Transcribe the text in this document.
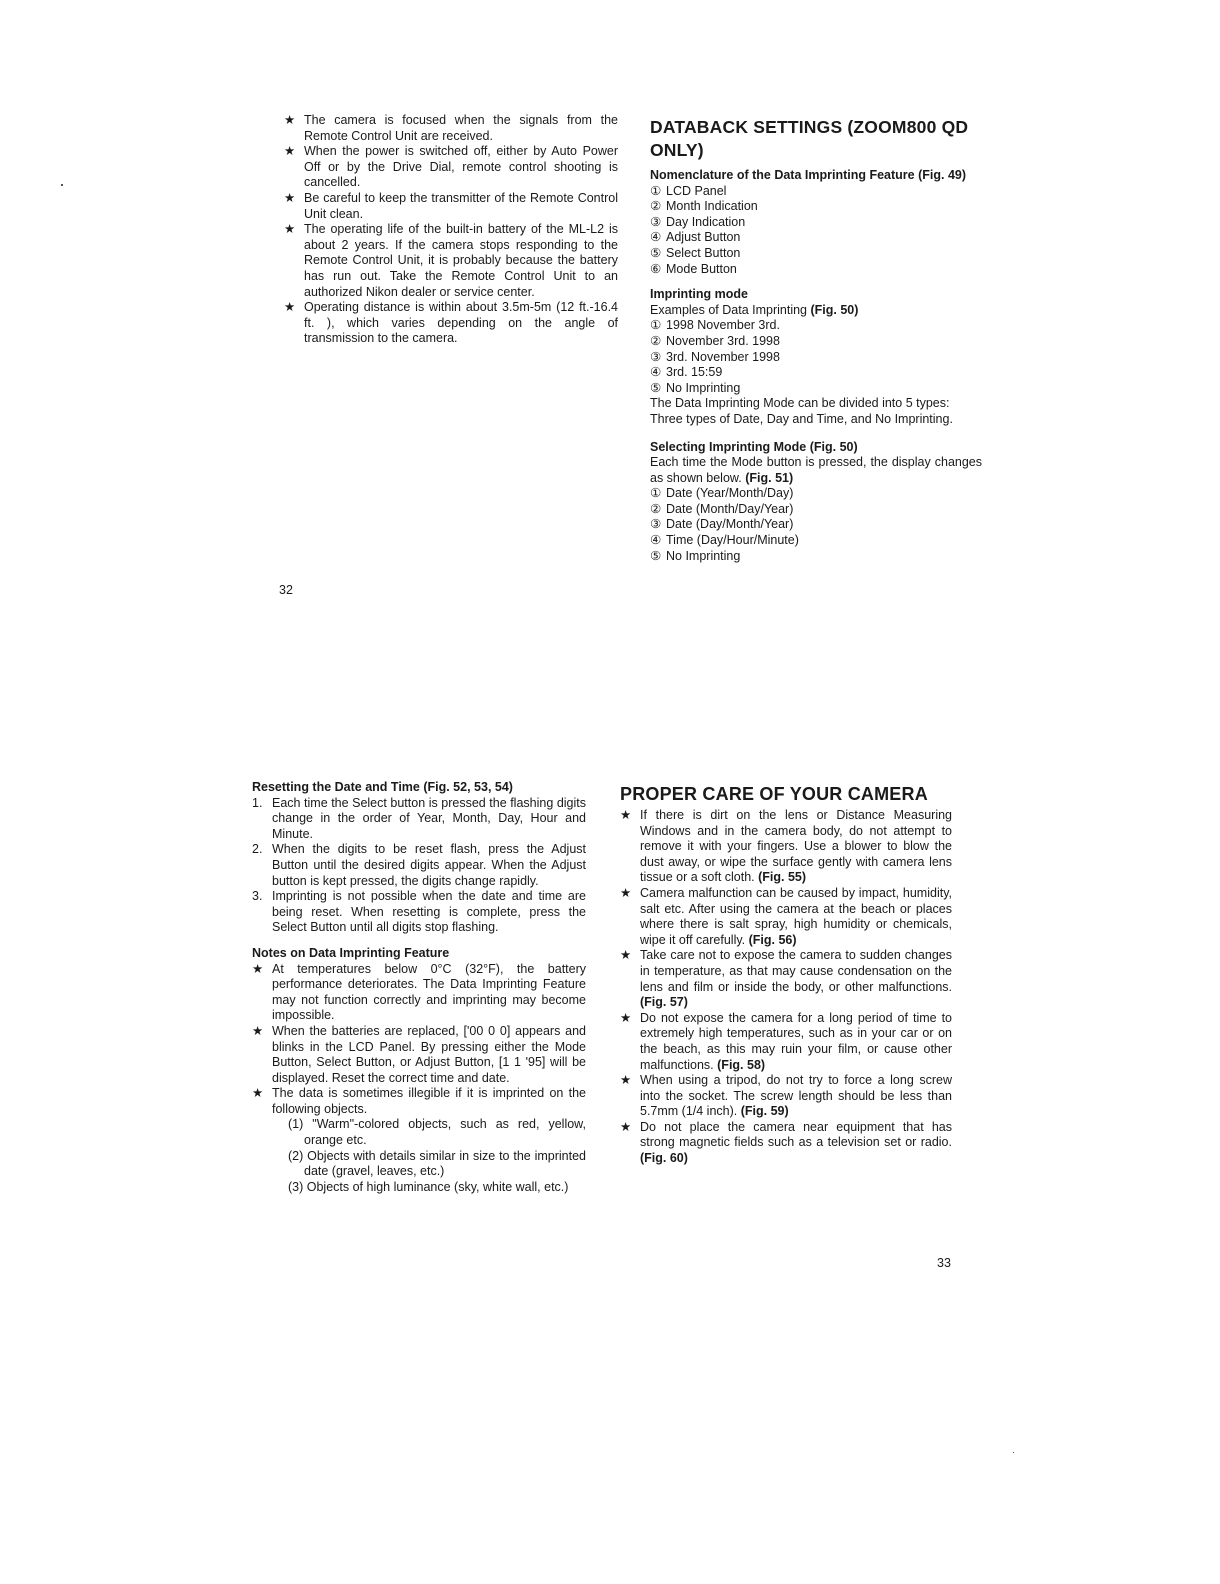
★ The camera is focused when the signals from the Remote Control Unit are received.
★ When the power is switched off, either by Auto Power Off or by the Drive Dial, remote control shooting is cancelled.
★ Be careful to keep the transmitter of the Remote Control Unit clean.
★ The operating life of the built-in battery of the ML-L2 is about 2 years. If the camera stops responding to the Remote Control Unit, it is probably because the battery has run out. Take the Remote Control Unit to an authorized Nikon dealer or service center.
★ Operating distance is within about 3.5m-5m (12 ft.-16.4 ft. ), which varies depending on the angle of transmission to the camera.
32
DATABACK SETTINGS (ZOOM800 QD ONLY)
Nomenclature of the Data Imprinting Feature (Fig. 49)
① LCD Panel
② Month Indication
③ Day Indication
④ Adjust Button
⑤ Select Button
⑥ Mode Button
Imprinting mode
Examples of Data Imprinting (Fig. 50)
① 1998 November 3rd.
② November 3rd. 1998
③ 3rd. November 1998
④ 3rd. 15:59
⑤ No Imprinting
The Data Imprinting Mode can be divided into 5 types: Three types of Date, Day and Time, and No Imprinting.
Selecting Imprinting Mode (Fig. 50)
Each time the Mode button is pressed, the display changes as shown below. (Fig. 51)
① Date (Year/Month/Day)
② Date (Month/Day/Year)
③ Date (Day/Month/Year)
④ Time (Day/Hour/Minute)
⑤ No Imprinting
Resetting the Date and Time (Fig. 52, 53, 54)
1. Each time the Select button is pressed the flashing digits change in the order of Year, Month, Day, Hour and Minute.
2. When the digits to be reset flash, press the Adjust Button until the desired digits appear. When the Adjust button is kept pressed, the digits change rapidly.
3. Imprinting is not possible when the date and time are being reset. When resetting is complete, press the Select Button until all digits stop flashing.
Notes on Data Imprinting Feature
★ At temperatures below 0°C (32°F), the battery performance deteriorates. The Data Imprinting Feature may not function correctly and imprinting may become impossible.
★ When the batteries are replaced, ['00 0 0] appears and blinks in the LCD Panel. By pressing either the Mode Button, Select Button, or Adjust Button, [1 1 '95] will be displayed. Reset the correct time and date.
★ The data is sometimes illegible if it is imprinted on the following objects.
(1) "Warm"-colored objects, such as red, yellow, orange etc.
(2) Objects with details similar in size to the imprinted date (gravel, leaves, etc.)
(3) Objects of high luminance (sky, white wall, etc.)
PROPER CARE OF YOUR CAMERA
★ If there is dirt on the lens or Distance Measuring Windows and in the camera body, do not attempt to remove it with your fingers. Use a blower to blow the dust away, or wipe the surface gently with camera lens tissue or a soft cloth. (Fig. 55)
★ Camera malfunction can be caused by impact, humidity, salt etc. After using the camera at the beach or places where there is salt spray, high humidity or chemicals, wipe it off carefully. (Fig. 56)
★ Take care not to expose the camera to sudden changes in temperature, as that may cause condensation on the lens and film or inside the body, or other malfunctions. (Fig. 57)
★ Do not expose the camera for a long period of time to extremely high temperatures, such as in your car or on the beach, as this may ruin your film, or cause other malfunctions. (Fig. 58)
★ When using a tripod, do not try to force a long screw into the socket. The screw length should be less than 5.7mm (1/4 inch). (Fig. 59)
★ Do not place the camera near equipment that has strong magnetic fields such as a television set or radio. (Fig. 60)
33
